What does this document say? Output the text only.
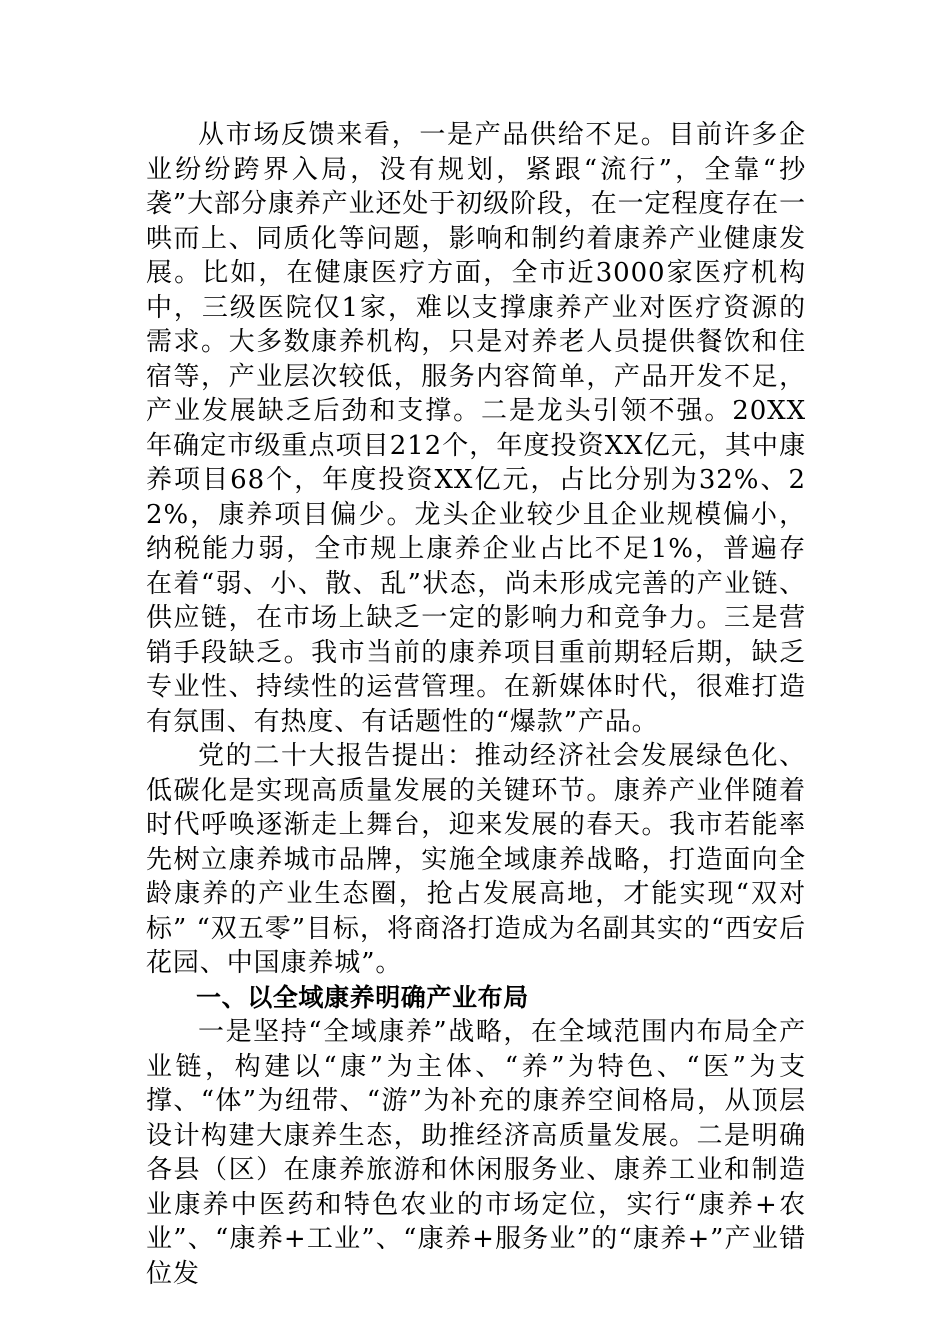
从市场反馈来看，一是产品供给不足。目前许多企业纷纷跨界入局，没有规划，紧跟“流行”，全靠“抄袭”大部分康养产业还处于初级阶段，在一定程度存在一哄而上、同质化等问题，影响和制约着康养产业健康发展。比如，在健康医疗方面，全市近3000家医疗机构中，三级医院仅1家，难以支撑康养产业对医疗资源的需求。大多数康养机构，只是对养老人员提供餐饮和住宿等，产业层次较低，服务内容简单，产品开发不足，产业发展缺乏后劲和支撑。二是龙头引领不强。20XX年确定市级重点项目212个，年度投资XX亿元，其中康养项目68个，年度投资XX亿元，占比分别为32%、22%，康养项目偏少。龙头企业较少且企业规模偏小，纳税能力弱，全市规上康养企业占比不足1%，普遍存在着“弱、小、散、乱”状态，尚未形成完善的产业链、供应链，在市场上缺乏一定的影响力和竞争力。三是营销手段缺乏。我市当前的康养项目重前期轻后期，缺乏专业性、持续性的运营管理。在新媒体时代，很难打造有氛围、有热度、有话题性的“爆款”产品。

党的二十大报告提出：推动经济社会发展绿色化、低碳化是实现高质量发展的关键环节。康养产业伴随着时代呼唤逐渐走上舞台，迎来发展的春天。我市若能率先树立康养城市品牌，实施全域康养战略，打造面向全龄康养的产业生态圈，抢占发展高地，才能实现“双对标” “双五零”目标，将商洛打造成为名副其实的“西安后花园、中国康养城”。

一、以全域康养明确产业布局

一是坚持“全域康养”战略，在全域范围内布局全产业链，构建以“康”为主体、“养”为特色、“医”为支撑、“体”为纽带、“游”为补充的康养空间格局，从顶层设计构建大康养生态，助推经济高质量发展。二是明确各县（区）在康养旅游和休闲服务业、康养工业和制造业康养中医药和特色农业的市场定位，实行“康养+农业”、“康养+工业”、“康养+服务业”的“康养+”产业错位发
